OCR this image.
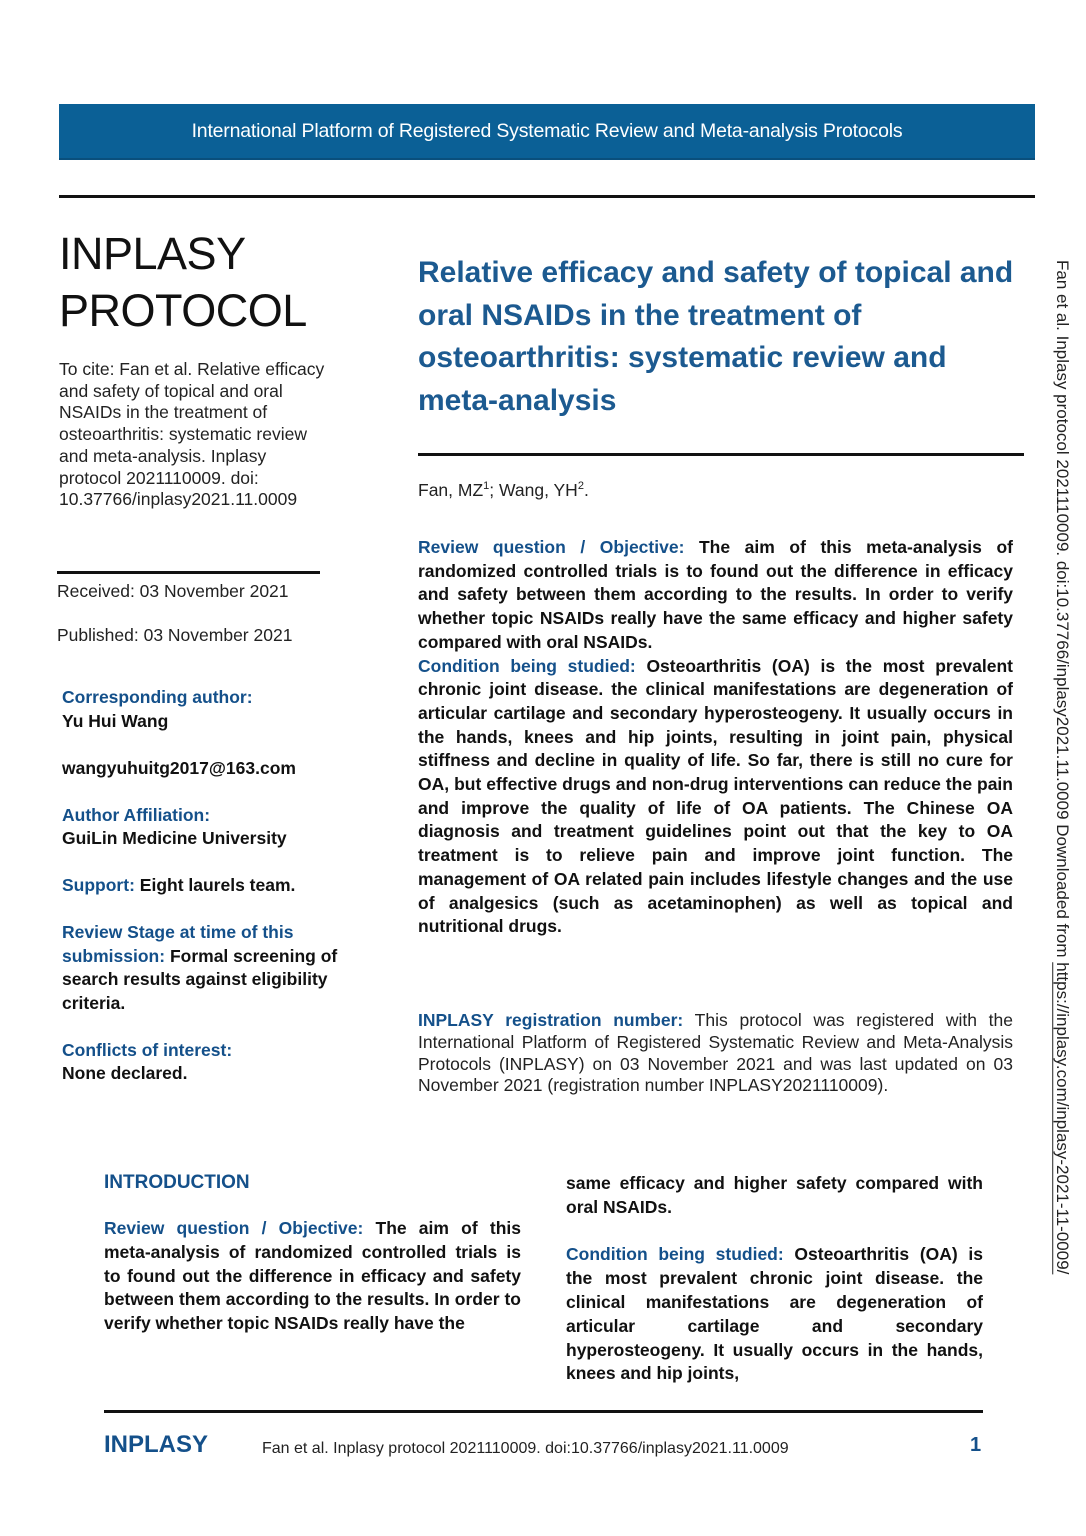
International Platform of Registered Systematic Review and Meta-analysis Protocols
INPLASY
PROTOCOL
To cite: Fan et al. Relative efficacy and safety of topical and oral NSAIDs in the treatment of osteoarthritis: systematic review and meta-analysis. Inplasy protocol 2021110009. doi: 10.37766/inplasy2021.11.0009
Received: 03 November 2021
Published: 03 November 2021
Corresponding author:
Yu Hui Wang
wangyuhuitg2017@163.com
Author Affiliation:
GuiLin Medicine University
Support: Eight laurels team.
Review Stage at time of this submission: Formal screening of search results against eligibility criteria.
Conflicts of interest:
None declared.
Relative efficacy and safety of topical and oral NSAIDs in the treatment of osteoarthritis: systematic review and meta-analysis
Fan, $MZ^1$; Wang, $YH^2$.
Review question / Objective: The aim of this meta-analysis of randomized controlled trials is to found out the difference in efficacy and safety between them according to the results. In order to verify whether topic NSAIDs really have the same efficacy and higher safety compared with oral NSAIDs.
Condition being studied: Osteoarthritis (OA) is the most prevalent chronic joint disease. the clinical manifestations are degeneration of articular cartilage and secondary hyperosteogeny. It usually occurs in the hands, knees and hip joints, resulting in joint pain, physical stiffness and decline in quality of life. So far, there is still no cure for OA, but effective drugs and non-drug interventions can reduce the pain and improve the quality of life of OA patients. The Chinese OA diagnosis and treatment guidelines point out that the key to OA treatment is to relieve pain and improve joint function. The management of OA related pain includes lifestyle changes and the use of analgesics (such as acetaminophen) as well as topical and nutritional drugs.
INPLASY registration number: This protocol was registered with the International Platform of Registered Systematic Review and Meta-Analysis Protocols (INPLASY) on 03 November 2021 and was last updated on 03 November 2021 (registration number INPLASY2021110009).
Fan et al. Inplasy protocol 2021110009. doi:10.37766/inplasy2021.11.0009 Downloaded from https://inplasy.com/inplasy-2021-11-0009/
INTRODUCTION

Review question / Objective: The aim of this meta-analysis of randomized controlled trials is to found out the difference in efficacy and safety between them according to the results. In order to verify whether topic NSAIDs really have the

same efficacy and higher safety compared with oral NSAIDs.

Condition being studied: Osteoarthritis (OA) is the most prevalent chronic joint disease. the clinical manifestations are degeneration of articular cartilage and secondary hyperosteogeny. It usually occurs in the hands, knees and hip joints,

INPLASY	Fan et al. Inplasy protocol 2021110009. doi:10.37766/inplasy2021.11.0009	1
